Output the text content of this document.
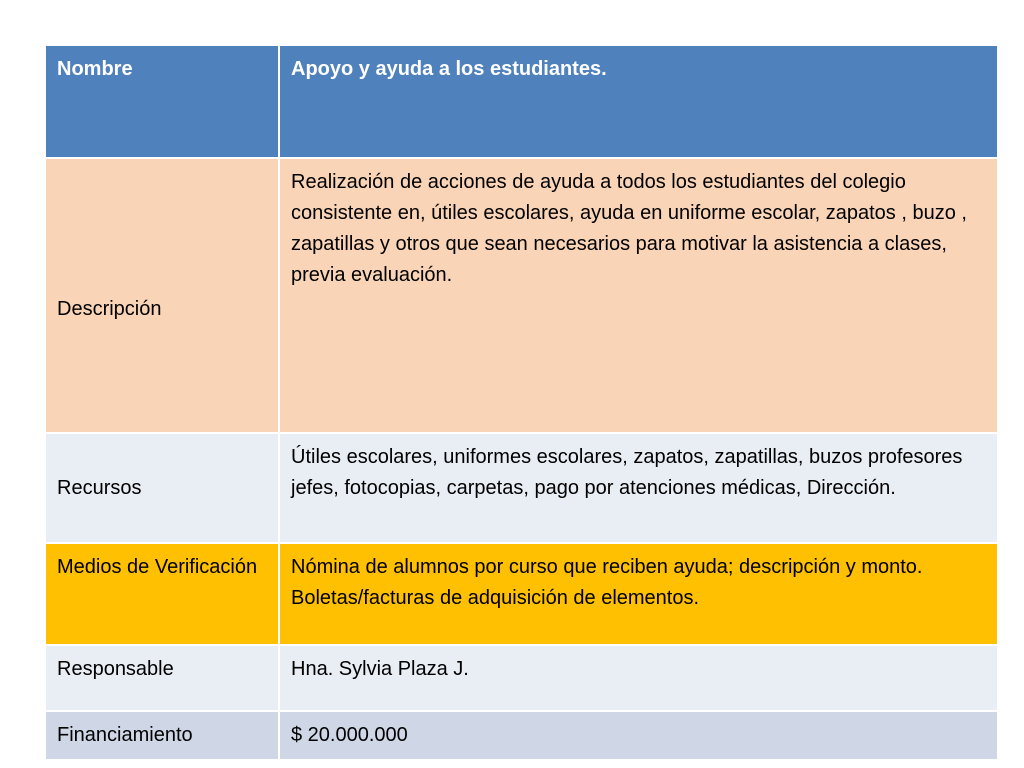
Nombre	Apoyo y ayuda a los estudiantes.
Descripción	Realización de acciones de ayuda a todos los estudiantes del colegio consistente en, útiles escolares, ayuda en uniforme escolar, zapatos , buzo , zapatillas y otros que sean necesarios para motivar la asistencia a clases, previa evaluación.
Recursos	Útiles escolares, uniformes escolares, zapatos, zapatillas, buzos profesores jefes, fotocopias, carpetas, pago por atenciones médicas, Dirección.
Medios de Verificación	Nómina de alumnos por curso que reciben ayuda; descripción y monto.
Boletas/facturas de adquisición de elementos.

Responsable	Hna. Sylvia Plaza J.
Financiamiento	$ 20.000.000
